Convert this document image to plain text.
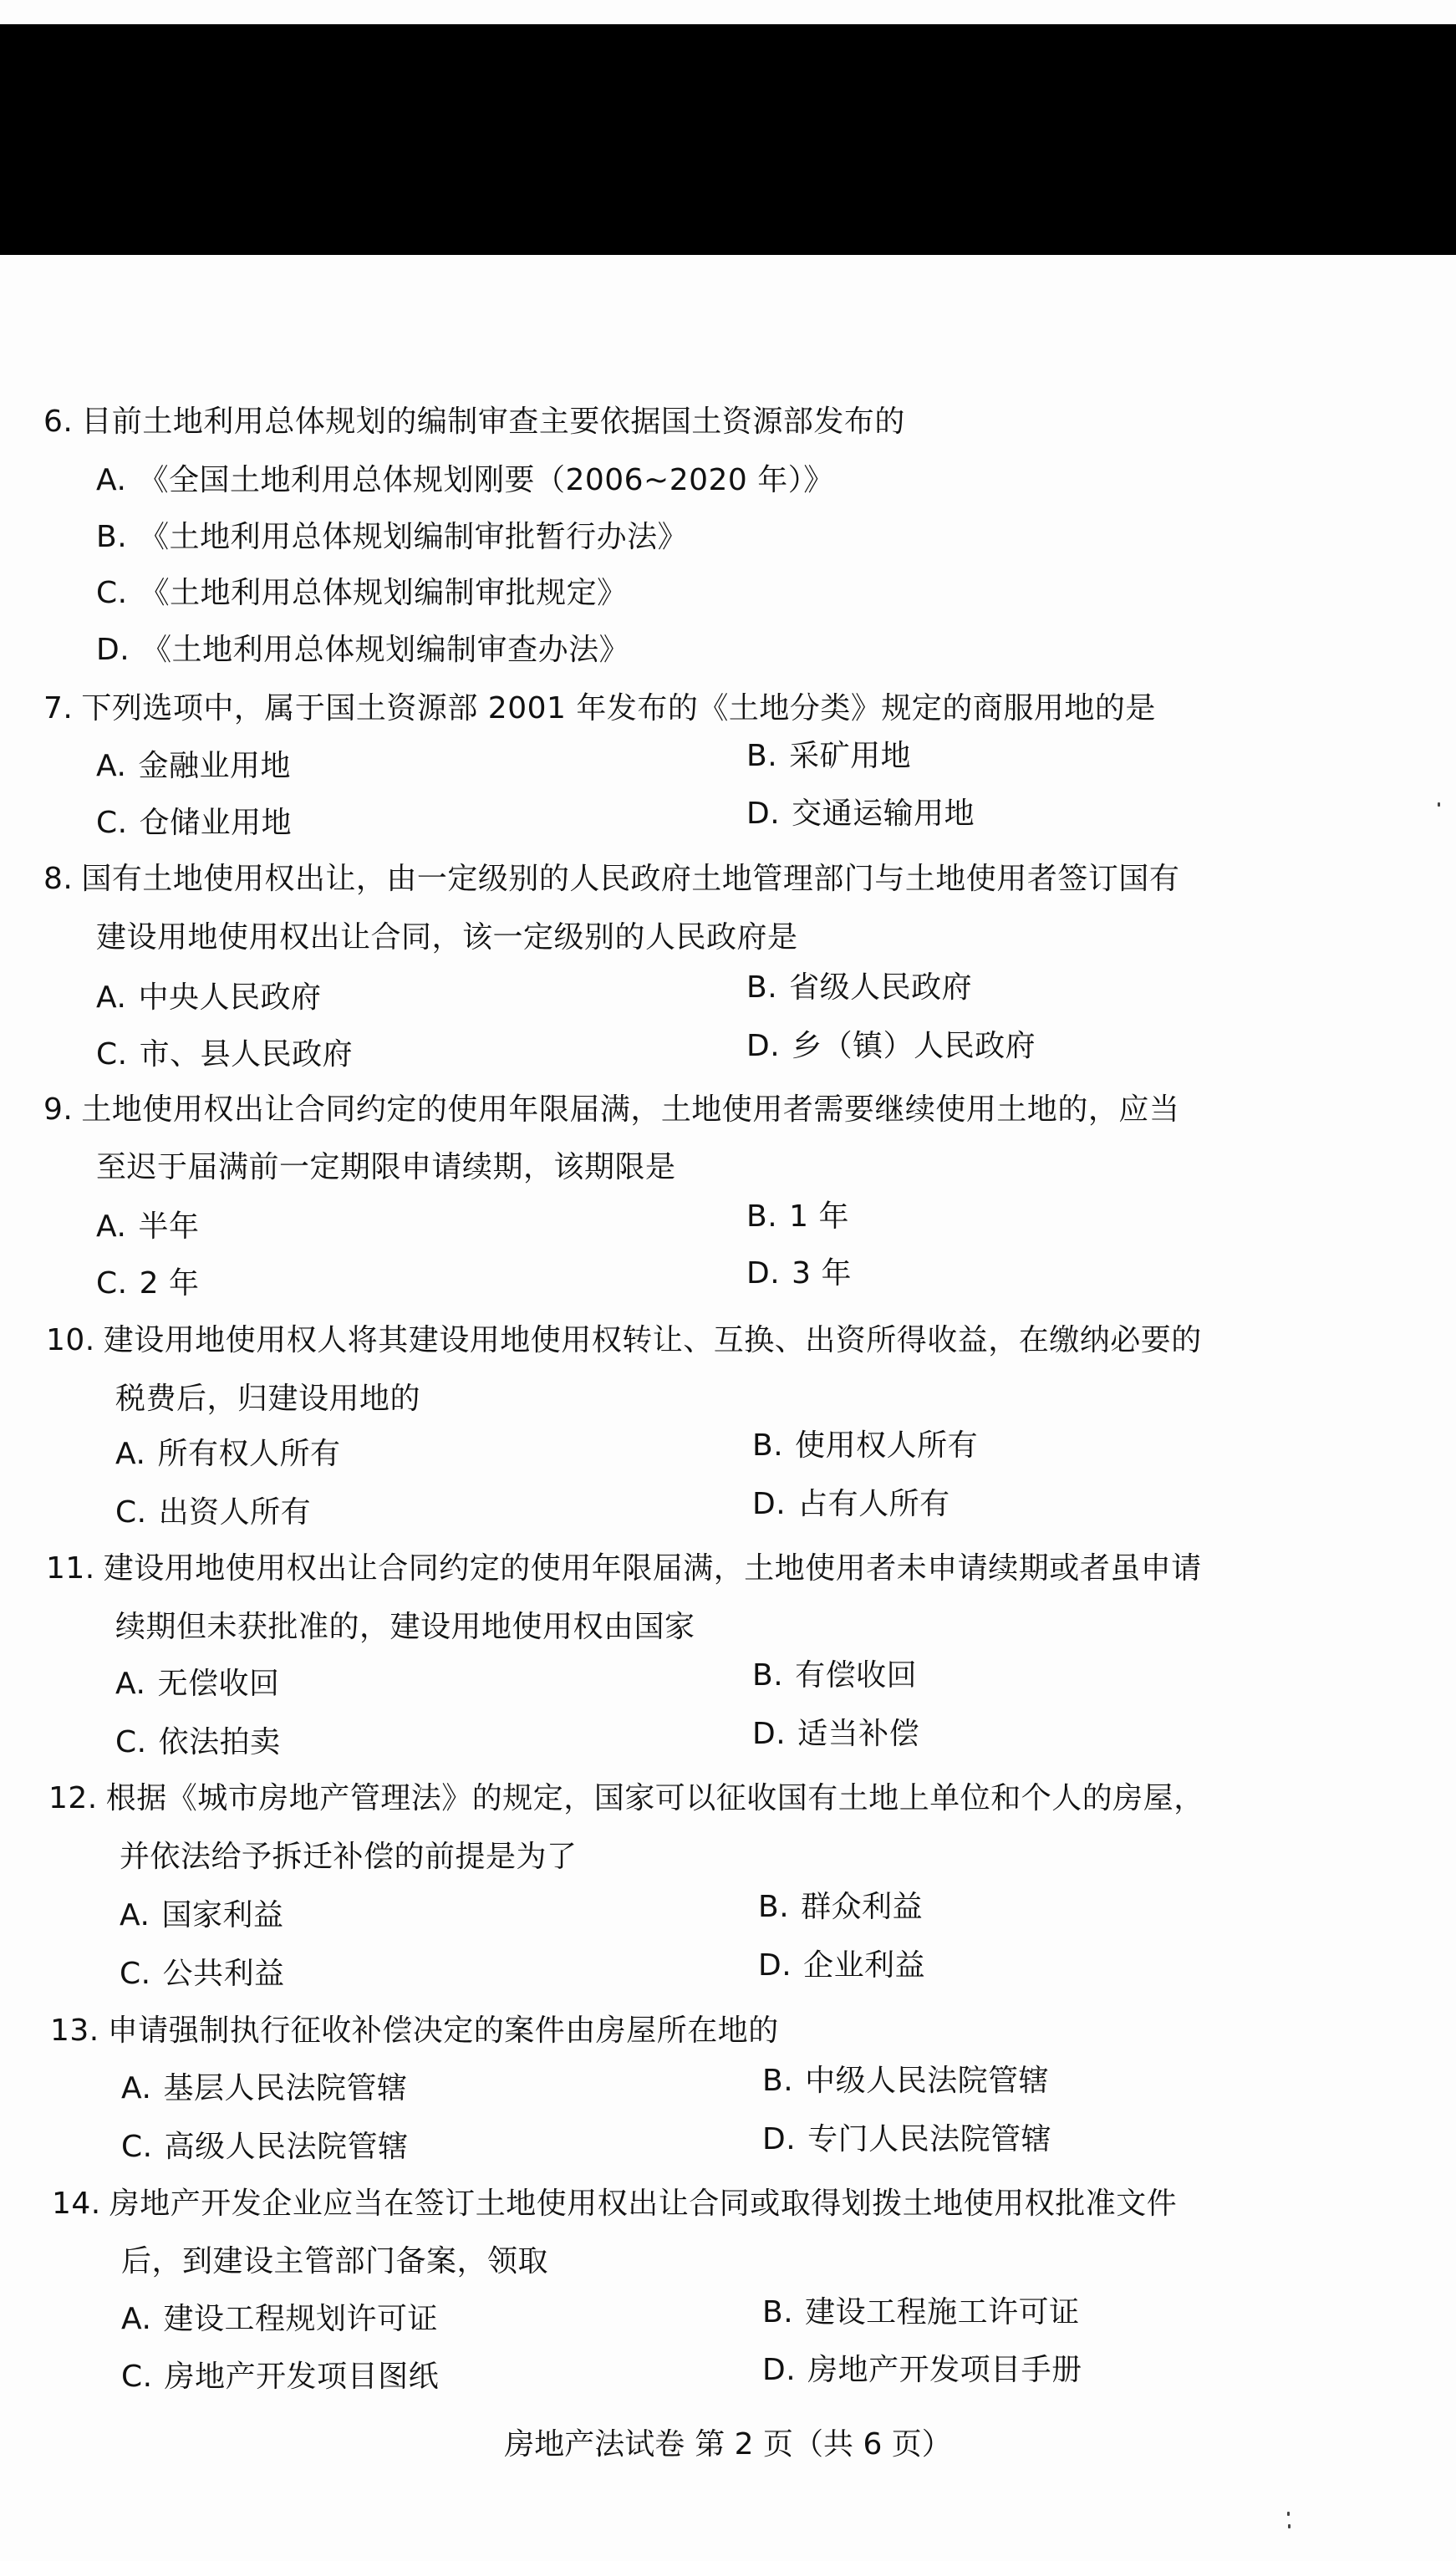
6. 目前土地利用总体规划的编制审查主要依据国土资源部发布的
A. 《全国土地利用总体规划刚要（2006~2020 年）》
B. 《土地利用总体规划编制审批暂行办法》
C. 《土地利用总体规划编制审批规定》
D. 《土地利用总体规划编制审查办法》
7. 下列选项中，属于国土资源部 2001 年发布的《土地分类》规定的商服用地的是
A. 金融业用地	B. 采矿用地
C. 仓储业用地	D. 交通运输用地
8. 国有土地使用权出让，由一定级别的人民政府土地管理部门与土地使用者签订国有
建设用地使用权出让合同，该一定级别的人民政府是
A. 中央人民政府	B. 省级人民政府
C. 市、县人民政府	D. 乡（镇）人民政府
9. 土地使用权出让合同约定的使用年限届满，土地使用者需要继续使用土地的，应当
至迟于届满前一定期限申请续期，该期限是
A. 半年	B. 1 年
C. 2 年	D. 3 年
10. 建设用地使用权人将其建设用地使用权转让、互换、出资所得收益，在缴纳必要的
税费后，归建设用地的
A. 所有权人所有	B. 使用权人所有
C. 出资人所有	D. 占有人所有
11. 建设用地使用权出让合同约定的使用年限届满，土地使用者未申请续期或者虽申请
续期但未获批准的，建设用地使用权由国家
A. 无偿收回	B. 有偿收回
C. 依法拍卖	D. 适当补偿
12. 根据《城市房地产管理法》的规定，国家可以征收国有土地上单位和个人的房屋，
并依法给予拆迁补偿的前提是为了
A. 国家利益	B. 群众利益
C. 公共利益	D. 企业利益
13. 申请强制执行征收补偿决定的案件由房屋所在地的
A. 基层人民法院管辖	B. 中级人民法院管辖
C. 高级人民法院管辖	D. 专门人民法院管辖
14. 房地产开发企业应当在签订土地使用权出让合同或取得划拨土地使用权批准文件
后，到建设主管部门备案，领取
A. 建设工程规划许可证	B. 建设工程施工许可证
C. 房地产开发项目图纸	D. 房地产开发项目手册
房地产法试卷 第 2 页（共 6 页）
